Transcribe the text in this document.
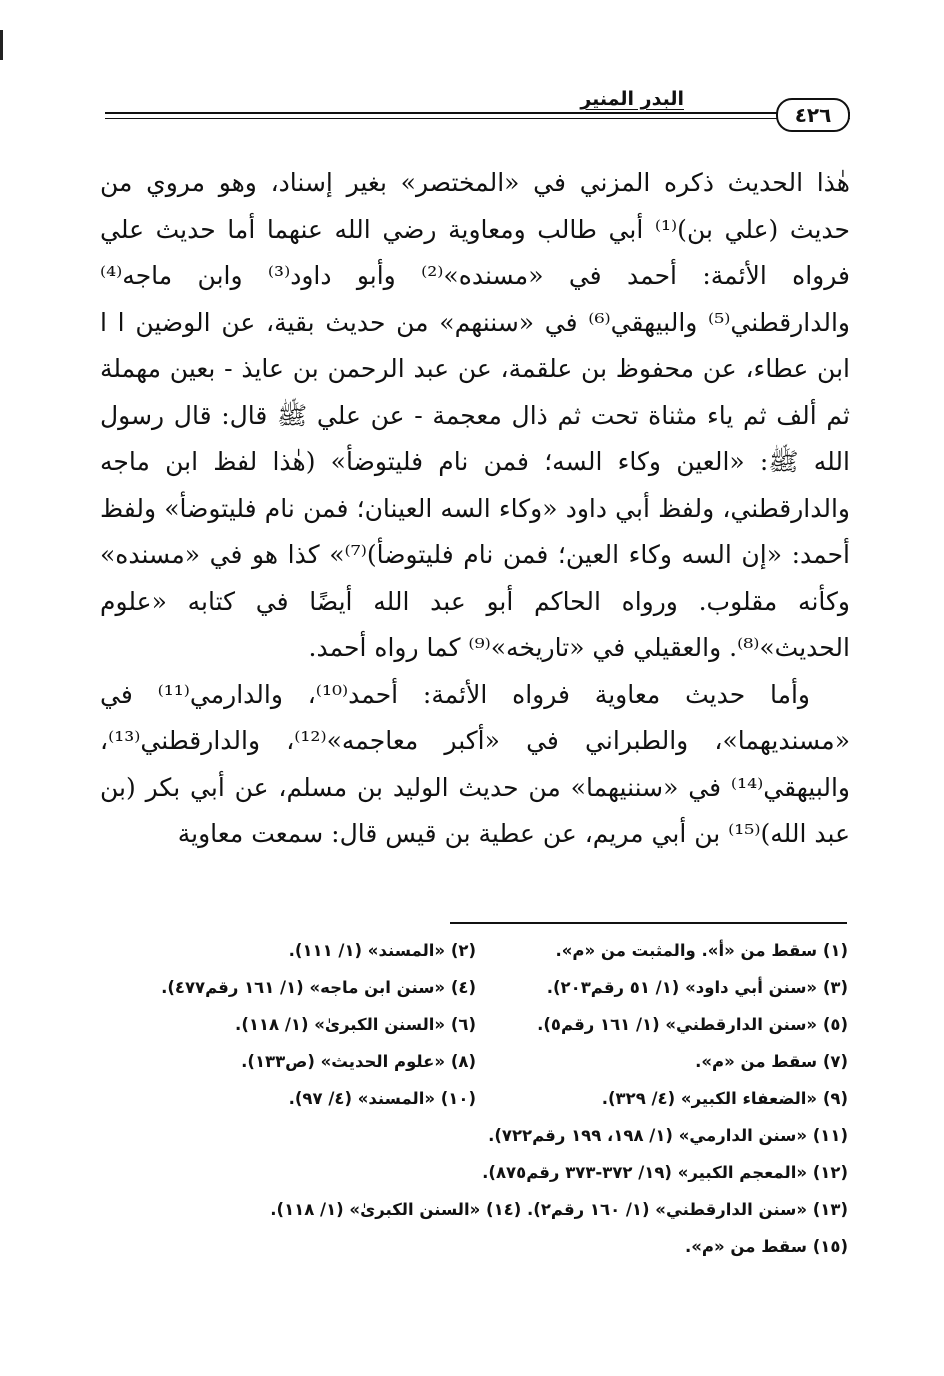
البدر المنير
٤٢٦

هٰذا الحديث ذكره المزني في «المختصر» بغير إسناد، وهو مروي من حديث (علي بن)⁽¹⁾ أبي طالب ومعاوية رضي الله عنهما أما حديث علي فرواه الأئمة: أحمد في «مسنده»⁽²⁾ وأبو داود⁽³⁾ وابن ماجه⁽⁴⁾ والدارقطني⁽⁵⁾ والبيهقي⁽⁶⁾ في «سننهم» من حديث بقية، عن الوضين ا ا ابن عطاء، عن محفوظ بن علقمة، عن عبد الرحمن بن عايذ - بعين مهملة ثم ألف ثم ياء مثناة تحت ثم ذال معجمة - عن علي ﷺ قال: قال رسول الله ﷺ: «العين وكاء السه؛ فمن نام فليتوضأ» (هٰذا لفظ ابن ماجه والدارقطني، ولفظ أبي داود «وكاء السه العينان؛ فمن نام فليتوضأ» ولفظ أحمد: «إن السه وكاء العين؛ فمن نام فليتوضأ)⁽⁷⁾» كذا هو في «مسنده» وكأنه مقلوب. ورواه الحاكم أبو عبد الله أيضًا في كتابه «علوم الحديث»⁽⁸⁾. والعقيلي في «تاريخه»⁽⁹⁾ كما رواه أحمد.

وأما حديث معاوية فرواه الأئمة: أحمد⁽¹⁰⁾، والدارمي⁽¹¹⁾ في «مسنديهما»، والطبراني في «أكبر معاجمه»⁽¹²⁾، والدارقطني⁽¹³⁾، والبيهقي⁽¹⁴⁾ في «سننيهما» من حديث الوليد بن مسلم، عن أبي بكر (بن عبد الله)⁽¹⁵⁾ بن أبي مريم، عن عطية بن قيس قال: سمعت معاوية

(١) سقط من «أ». والمثبت من «م».(٢) «المسند» (١/ ١١١).
(٣) «سنن أبي داود» (١/ ٥١ رقم٢٠٣).(٤) «سنن ابن ماجه» (١/ ١٦١ رقم٤٧٧).
(٥) «سنن الدارقطني» (١/ ١٦١ رقم٥).(٦) «السنن الكبرىٰ» (١/ ١١٨).
(٧) سقط من «م».(٨) «علوم الحديث» (ص١٣٣).
(٩) «الضعفاء الكبير» (٤/ ٣٢٩).(١٠) «المسند» (٤/ ٩٧).
(١١) «سنن الدارمي» (١/ ١٩٨، ١٩٩ رقم٧٢٢).
(١٢) «المعجم الكبير» (١٩/ ٣٧٢-٣٧٣ رقم٨٧٥).
(١٣) «سنن الدارقطني» (١/ ١٦٠ رقم٢). (١٤) «السنن الكبرىٰ» (١/ ١١٨).
(١٥) سقط من «م».
